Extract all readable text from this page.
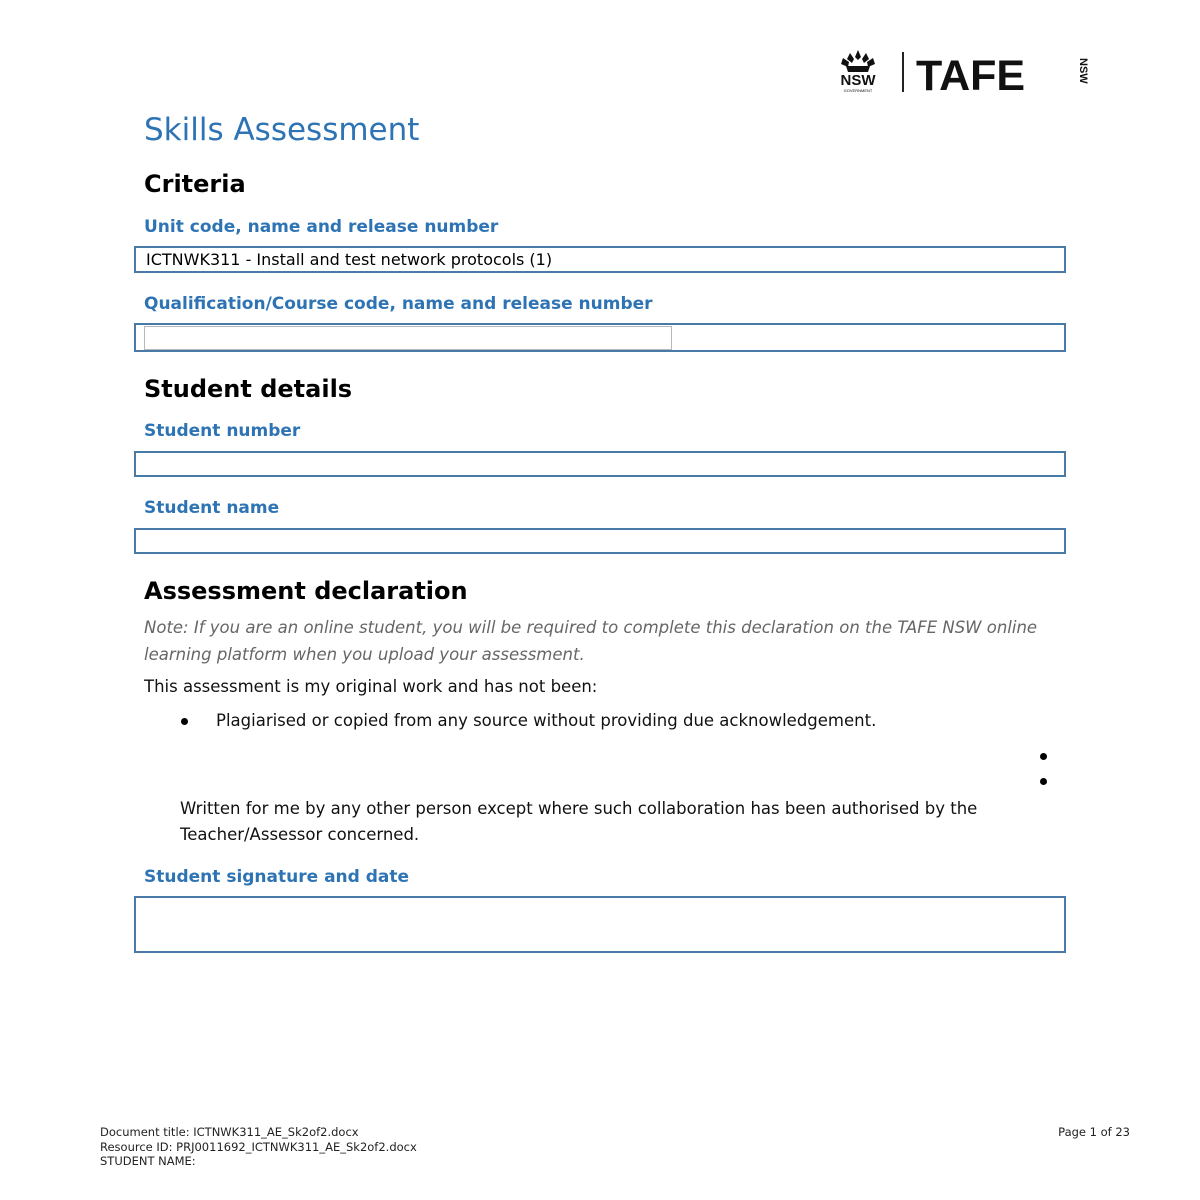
NSW
GOVERNMENT TAFE	NSW
Skills Assessment
Criteria
Unit code, name and release number
ICTNWK311 - Install and test network protocols (1)
Qualification/Course code, name and release number
Student details
Student number
Student name
Assessment declaration
Note: If you are an online student, you will be required to complete this declaration on the TAFE NSW online learning platform when you upload your assessment.
This assessment is my original work and has not been:
Plagiarised or copied from any source without providing due acknowledgement.
Written for me by any other person except where such collaboration has been authorised by the Teacher/Assessor concerned.
Student signature and date
Document title: ICTNWK311_AE_Sk2of2.docx
Resource ID: PRJ0011692_ICTNWK311_AE_Sk2of2.docx
STUDENT NAME:
Page 1 of 23
